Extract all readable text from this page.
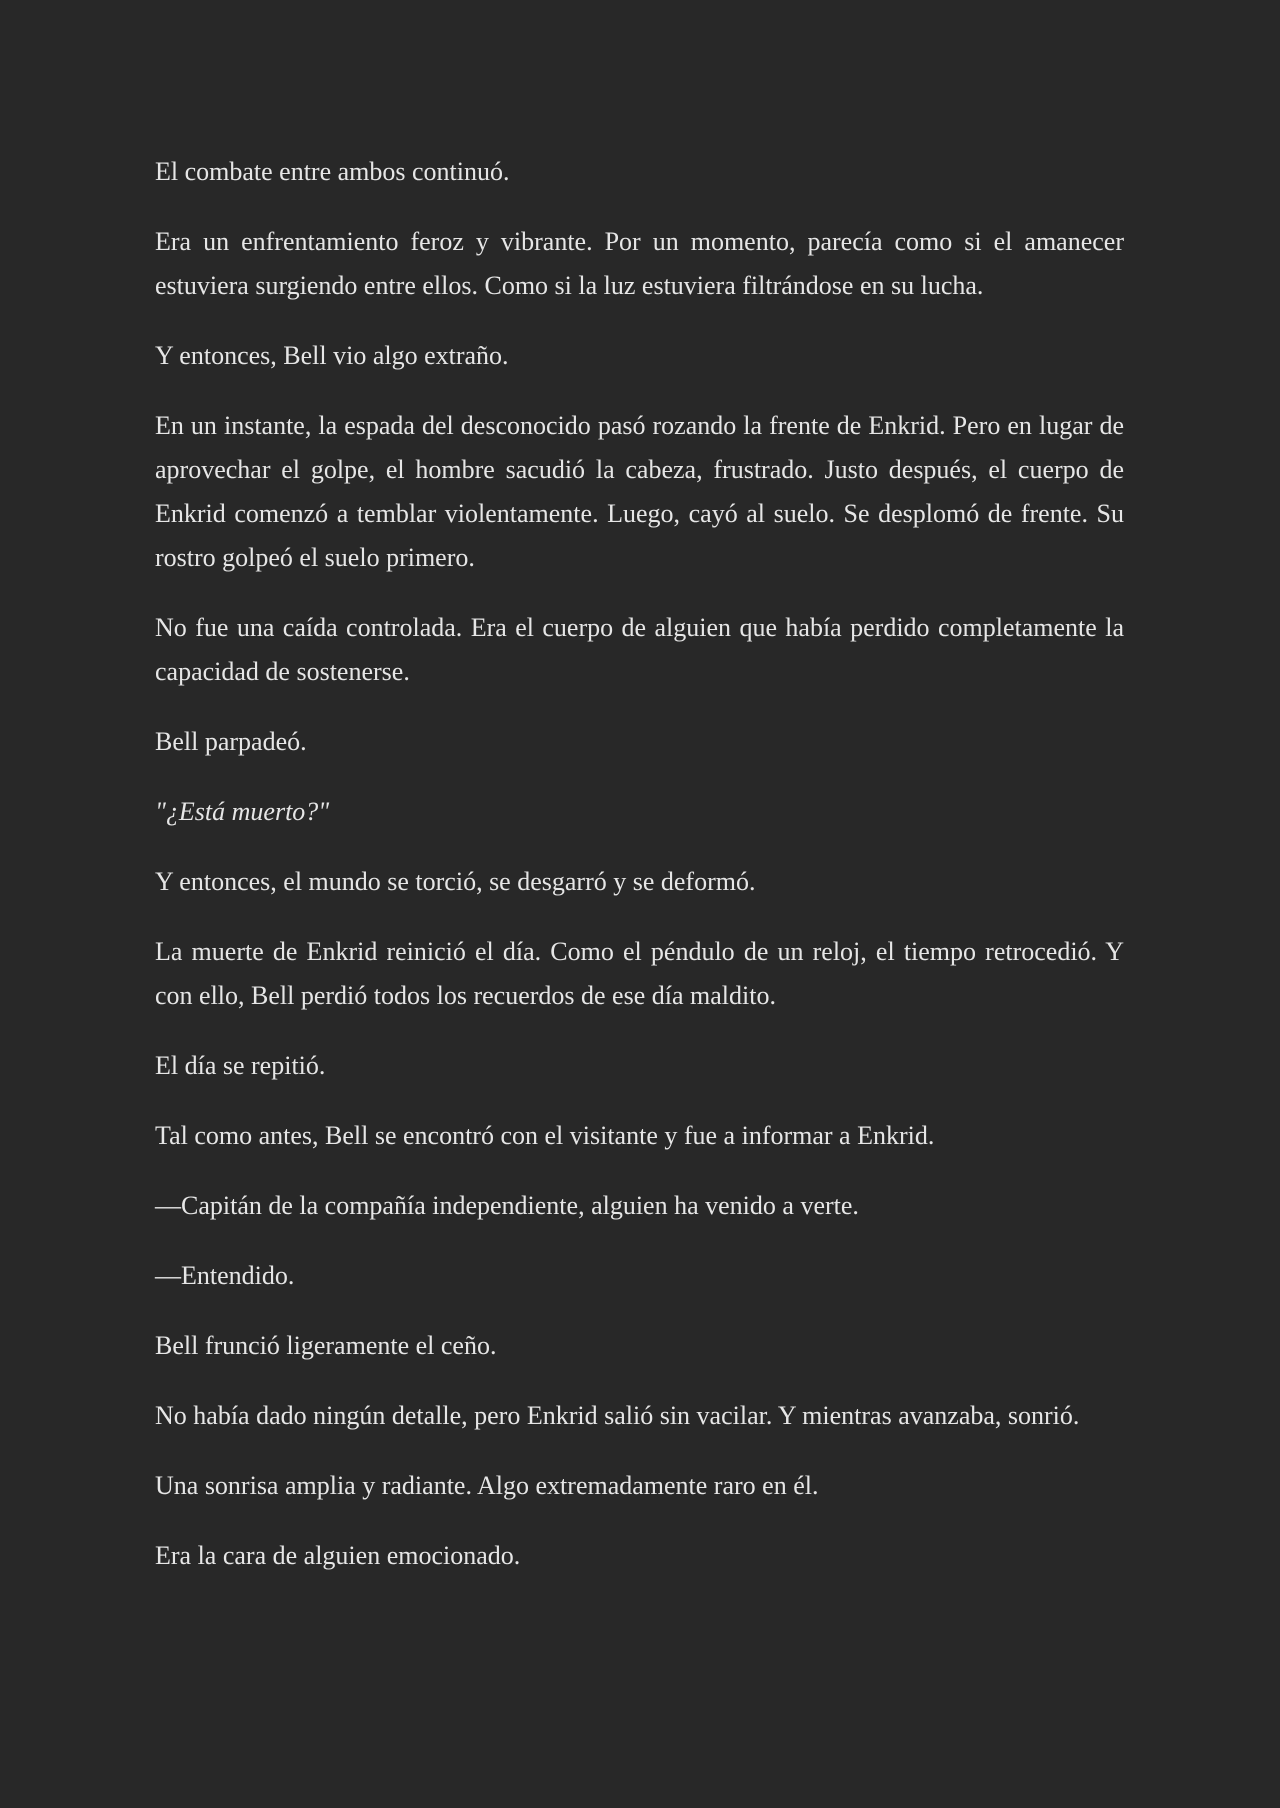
El combate entre ambos continuó.

Era un enfrentamiento feroz y vibrante. Por un momento, parecía como si el amanecer estuviera surgiendo entre ellos. Como si la luz estuviera filtrándose en su lucha.

Y entonces, Bell vio algo extraño.

En un instante, la espada del desconocido pasó rozando la frente de Enkrid. Pero en lugar de aprovechar el golpe, el hombre sacudió la cabeza, frustrado. Justo después, el cuerpo de Enkrid comenzó a temblar violentamente. Luego, cayó al suelo. Se desplomó de frente. Su rostro golpeó el suelo primero.

No fue una caída controlada. Era el cuerpo de alguien que había perdido completamente la capacidad de sostenerse.

Bell parpadeó.

"¿Está muerto?"

Y entonces, el mundo se torció, se desgarró y se deformó.

La muerte de Enkrid reinició el día. Como el péndulo de un reloj, el tiempo retrocedió. Y con ello, Bell perdió todos los recuerdos de ese día maldito.

El día se repitió.

Tal como antes, Bell se encontró con el visitante y fue a informar a Enkrid.

—Capitán de la compañía independiente, alguien ha venido a verte.

—Entendido.

Bell frunció ligeramente el ceño.

No había dado ningún detalle, pero Enkrid salió sin vacilar. Y mientras avanzaba, sonrió.

Una sonrisa amplia y radiante. Algo extremadamente raro en él.

Era la cara de alguien emocionado.
